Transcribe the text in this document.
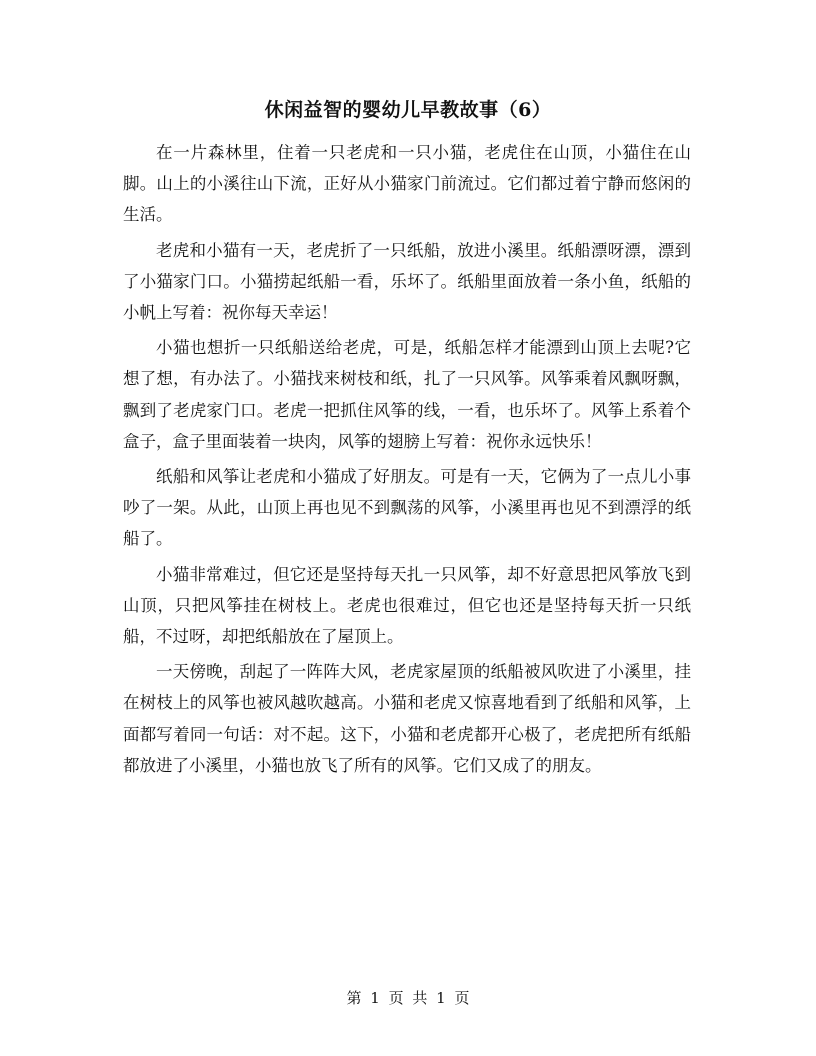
休闲益智的婴幼儿早教故事（6）

在一片森林里，住着一只老虎和一只小猫，老虎住在山顶，小猫住在山脚。山上的小溪往山下流，正好从小猫家门前流过。它们都过着宁静而悠闲的生活。

老虎和小猫有一天，老虎折了一只纸船，放进小溪里。纸船漂呀漂，漂到了小猫家门口。小猫捞起纸船一看，乐坏了。纸船里面放着一条小鱼，纸船的小帆上写着：祝你每天幸运！

小猫也想折一只纸船送给老虎，可是，纸船怎样才能漂到山顶上去呢?它想了想，有办法了。小猫找来树枝和纸，扎了一只风筝。风筝乘着风飘呀飘，飘到了老虎家门口。老虎一把抓住风筝的线，一看，也乐坏了。风筝上系着个盒子，盒子里面装着一块肉，风筝的翅膀上写着：祝你永远快乐！

纸船和风筝让老虎和小猫成了好朋友。可是有一天，它俩为了一点儿小事吵了一架。从此，山顶上再也见不到飘荡的风筝，小溪里再也见不到漂浮的纸船了。

小猫非常难过，但它还是坚持每天扎一只风筝，却不好意思把风筝放飞到山顶，只把风筝挂在树枝上。老虎也很难过，但它也还是坚持每天折一只纸船，不过呀，却把纸船放在了屋顶上。

一天傍晚，刮起了一阵阵大风，老虎家屋顶的纸船被风吹进了小溪里，挂在树枝上的风筝也被风越吹越高。小猫和老虎又惊喜地看到了纸船和风筝，上面都写着同一句话：对不起。这下，小猫和老虎都开心极了，老虎把所有纸船都放进了小溪里，小猫也放飞了所有的风筝。它们又成了的朋友。

第 1 页 共 1 页
